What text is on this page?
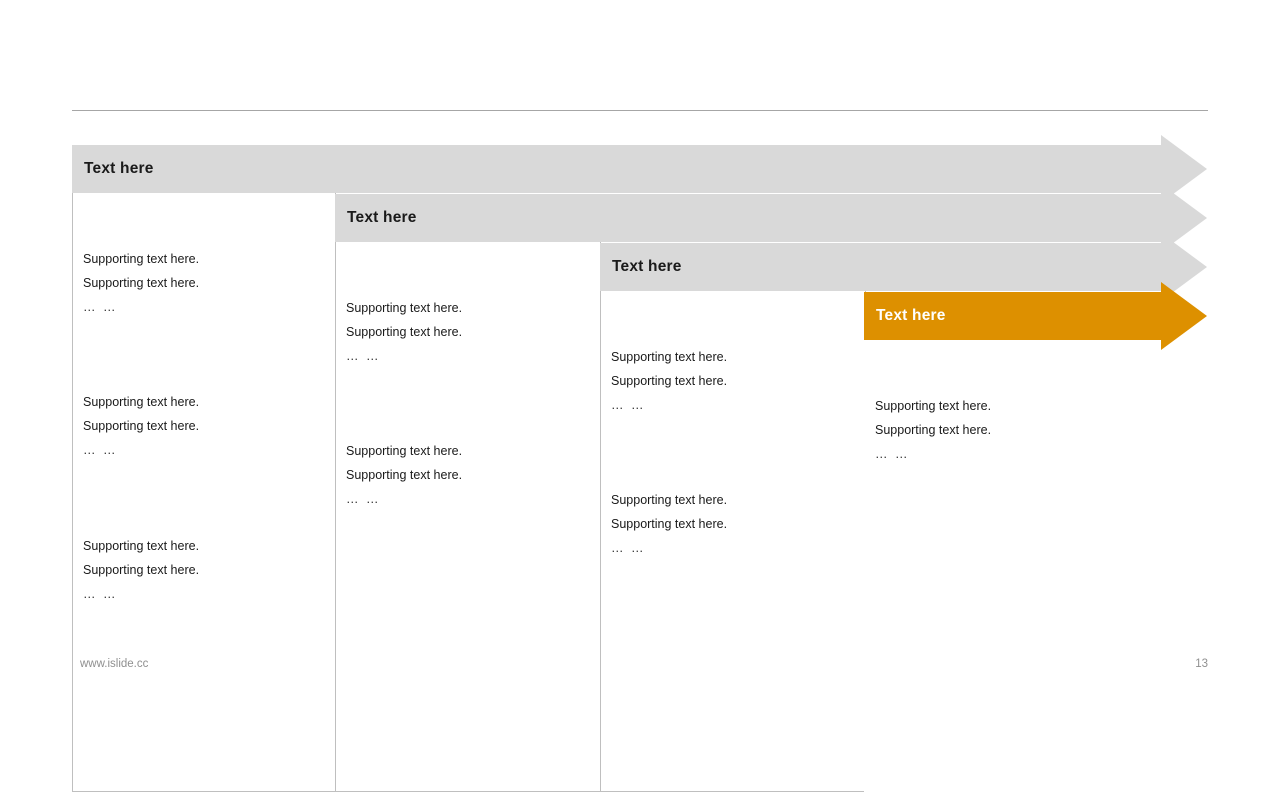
Supporting text here.
Supporting text here.
… …
Supporting text here.
Supporting text here.
… …
Supporting text here.
Supporting text here.
… …
Text here
Supporting text here.
Supporting text here.
… …
Supporting text here.
Supporting text here.
… …
Text here
Supporting text here.
Supporting text here.
… …
Supporting text here.
Supporting text here.
… …
Text here
Supporting text here.
Supporting text here.
… …
Text here
www.islide.cc	13
